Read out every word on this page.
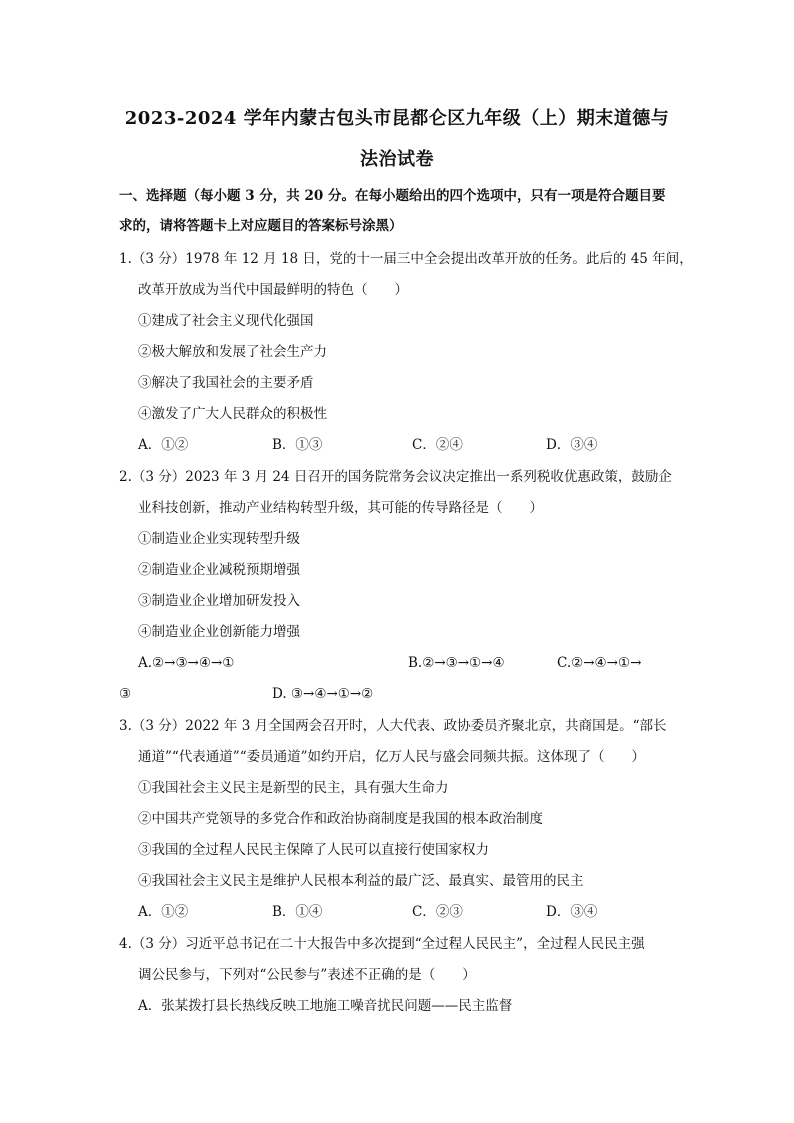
2023-2024 学年内蒙古包头市昆都仑区九年级（上）期末道德与
法治试卷
一、选择题（每小题 3 分，共 20 分。在每小题给出的四个选项中，只有一项是符合题目要
求的，请将答题卡上对应题目的答案标号涂黑）
1.（3 分）1978 年 12 月 18 日，党的十一届三中全会提出改革开放的任务。此后的 45 年间，
改革开放成为当代中国最鲜明的特色（　　）
①建成了社会主义现代化强国
②极大解放和发展了社会生产力
③解决了我国社会的主要矛盾
④激发了广大人民群众的积极性
A．①②	B．①③	C．②④	D．③④
2.（3 分）2023 年 3 月 24 日召开的国务院常务会议决定推出一系列税收优惠政策，鼓励企
业科技创新，推动产业结构转型升级，其可能的传导路径是（　　）
①制造业企业实现转型升级
②制造业企业减税预期增强
③制造业企业增加研发投入
④制造业企业创新能力增强
A.②→③→④→①	B.②→③→①→④	C.②→④→①→
③	D. ③→④→①→②
3.（3 分）2022 年 3 月全国两会召开时，人大代表、政协委员齐聚北京，共商国是。“部长
通道”“代表通道”“委员通道”如约开启，亿万人民与盛会同频共振。这体现了（　　）
①我国社会主义民主是新型的民主，具有强大生命力
②中国共产党领导的多党合作和政治协商制度是我国的根本政治制度
③我国的全过程人民民主保障了人民可以直接行使国家权力
④我国社会主义民主是维护人民根本利益的最广泛、最真实、最管用的民主
A．①②	B．①④	C．②③	D．③④
4.（3 分）习近平总书记在二十大报告中多次提到“全过程人民民主”，全过程人民民主强
调公民参与，下列对“公民参与”表述不正确的是（　　）
A．张某拨打县长热线反映工地施工噪音扰民问题——民主监督
